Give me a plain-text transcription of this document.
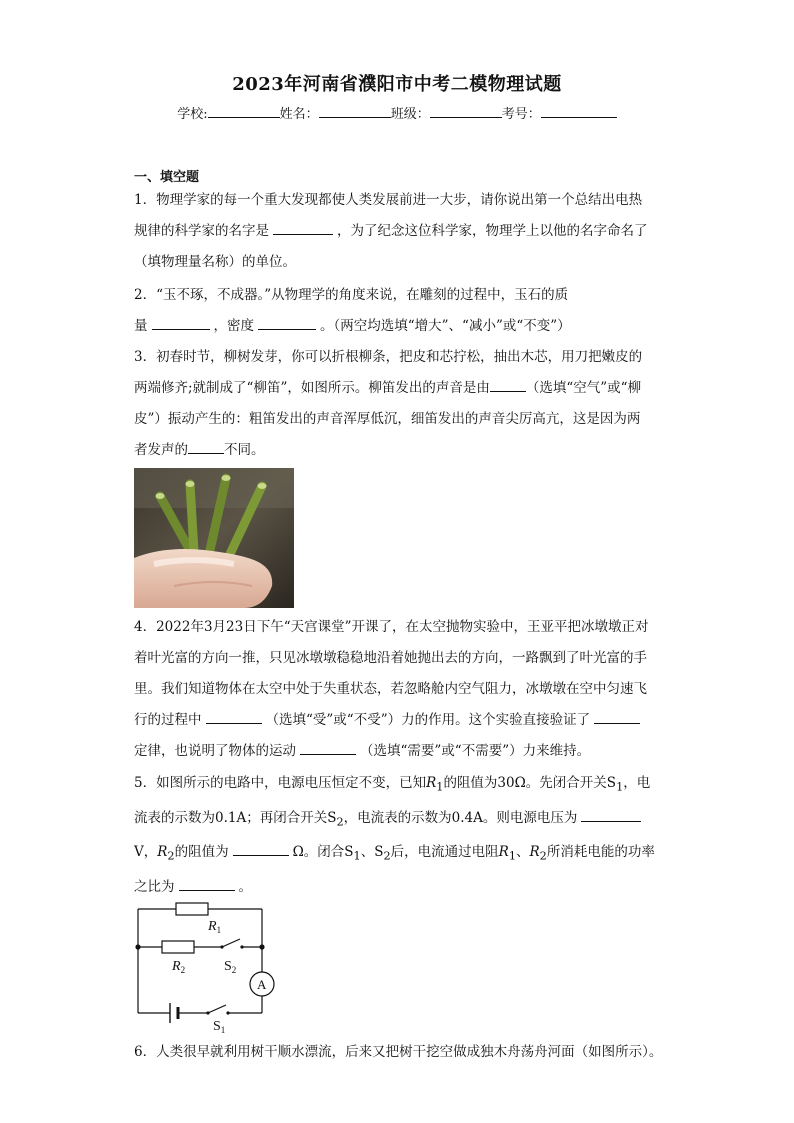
2023年河南省濮阳市中考二模物理试题
学校:	姓名：	班级：	考号：
一、填空题
1．物理学家的每一个重大发现都使人类发展前进一大步，请你说出第一个总结出电热
规律的科学家的名字是	，为了纪念这位科学家，物理学上以他的名字命名了
（填物理量名称）的单位。
2．“玉不琢，不成器。”从物理学的角度来说，在雕刻的过程中，玉石的质
量	，密度	。（两空均选填“增大”、“减小”或“不变”）
3．初春时节，柳树发芽，你可以折根柳条，把皮和芯拧松，抽出木芯，用刀把嫩皮的
两端修齐;就制成了“柳笛”，如图所示。柳笛发出的声音是由	（选填“空气”或“柳
皮”）振动产生的：粗笛发出的声音浑厚低沉，细笛发出的声音尖厉高亢，这是因为两
者发声的	不同。
4．2022年3月23日下午“天宫课堂”开课了，在太空抛物实验中，王亚平把冰墩墩正对
着叶光富的方向一推，只见冰墩墩稳稳地沿着她抛出去的方向，一路飘到了叶光富的手
里。我们知道物体在太空中处于失重状态，若忽略舱内空气阻力，冰墩墩在空中匀速飞
行的过程中	（选填“受”或“不受”）力的作用。这个实验直接验证了
定律，也说明了物体的运动	（选填“需要”或“不需要”）力来维持。
5．如图所示的电路中，电源电压恒定不变，已知$R_1$的阻值为30Ω。先闭合开关$S_1$，电
流表的示数为0.1A；再闭合开关$S_2$，电流表的示数为0.4A。则电源电压为
V，$R_2$的阻值为	Ω。闭合$S_1$、$S_2$后，电流通过电阻$R_1$、$R_2$所消耗电能的功率
之比为	。
$R_1$
$R_2$	$S_2$
$S_1$
A
6．人类很早就利用树干顺水漂流，后来又把树干挖空做成独木舟荡舟河面（如图所示）。
